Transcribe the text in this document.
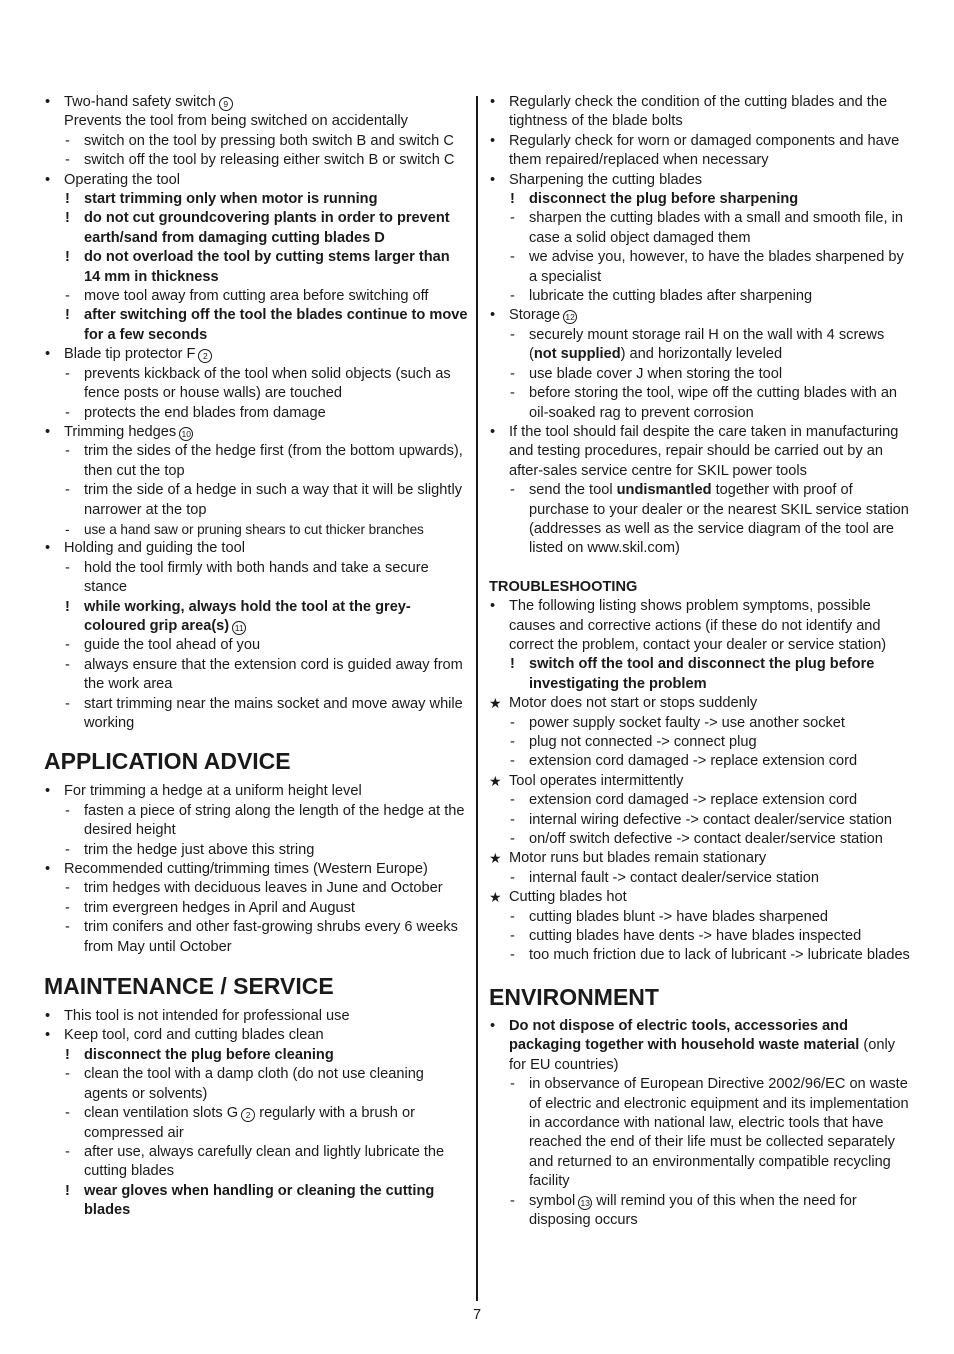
• Two-hand safety switch 9
Prevents the tool from being switched on accidentally
- switch on the tool by pressing both switch B and switch C
- switch off the tool by releasing either switch B or switch C
• Operating the tool
! start trimming only when motor is running
! do not cut groundcovering plants in order to prevent earth/sand from damaging cutting blades D
! do not overload the tool by cutting stems larger than 14 mm in thickness
- move tool away from cutting area before switching off
! after switching off the tool the blades continue to move for a few seconds
• Blade tip protector F 2
- prevents kickback of the tool when solid objects (such as fence posts or house walls) are touched
- protects the end blades from damage
• Trimming hedges 10
- trim the sides of the hedge first (from the bottom upwards), then cut the top
- trim the side of a hedge in such a way that it will be slightly narrower at the top
-	use a hand saw or pruning shears to cut thicker branches
• Holding and guiding the tool
- hold the tool firmly with both hands and take a secure stance
! while working, always hold the tool at the grey-coloured grip area(s) 11
- guide the tool ahead of you
- always ensure that the extension cord is guided away from the work area
- start trimming near the mains socket and move away while working
APPLICATION ADVICE
• For trimming a hedge at a uniform height level
- fasten a piece of string along the length of the hedge at the desired height
- trim the hedge just above this string
• Recommended cutting/trimming times (Western Europe)
- trim hedges with deciduous leaves in June and October
- trim evergreen hedges in April and August
- trim conifers and other fast-growing shrubs every 6 weeks from May until October
MAINTENANCE / SERVICE
• This tool is not intended for professional use
• Keep tool, cord and cutting blades clean
! disconnect the plug before cleaning
- clean the tool with a damp cloth (do not use cleaning agents or solvents)
- clean ventilation slots G 2 regularly with a brush or compressed air
- after use, always carefully clean and lightly lubricate the cutting blades
! wear gloves when handling or cleaning the cutting blades
• Regularly check the condition of the cutting blades and the tightness of the blade bolts
• Regularly check for worn or damaged components and have them repaired/replaced when necessary
• Sharpening the cutting blades
! disconnect the plug before sharpening
- sharpen the cutting blades with a small and smooth file, in case a solid object damaged them
- we advise you, however, to have the blades sharpened by a specialist
- lubricate the cutting blades after sharpening
• Storage 12
- securely mount storage rail H on the wall with 4 screws (not supplied) and horizontally leveled
- use blade cover J when storing the tool
- before storing the tool, wipe off the cutting blades with an oil-soaked rag to prevent corrosion
• If the tool should fail despite the care taken in manufacturing and testing procedures, repair should be carried out by an after-sales service centre for SKIL power tools
- send the tool undismantled together with proof of purchase to your dealer or the nearest SKIL service station (addresses as well as the service diagram of the tool are listed on www.skil.com)
TROUBLESHOOTING
• The following listing shows problem symptoms, possible causes and corrective actions (if these do not identify and correct the problem, contact your dealer or service station)
! switch off the tool and disconnect the plug before investigating the problem
★ Motor does not start or stops suddenly
- power supply socket faulty -> use another socket
- plug not connected -> connect plug
- extension cord damaged -> replace extension cord
★ Tool operates intermittently
- extension cord damaged -> replace extension cord
- internal wiring defective -> contact dealer/service station
- on/off switch defective -> contact dealer/service station
★ Motor runs but blades remain stationary
- internal fault -> contact dealer/service station
★ Cutting blades hot
- cutting blades blunt -> have blades sharpened
- cutting blades have dents -> have blades inspected
- too much friction due to lack of lubricant -> lubricate blades
ENVIRONMENT
• Do not dispose of electric tools, accessories and packaging together with household waste material (only for EU countries)
- in observance of European Directive 2002/96/EC on waste of electric and electronic equipment and its implementation in accordance with national law, electric tools that have reached the end of their life must be collected separately and returned to an environmentally compatible recycling facility
- symbol 13 will remind you of this when the need for disposing occurs
7
